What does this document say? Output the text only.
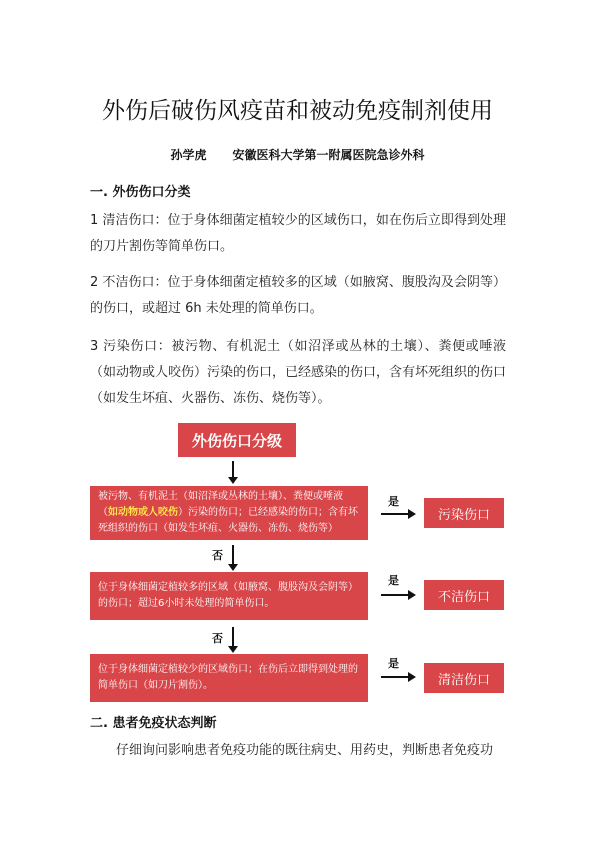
外伤后破伤风疫苗和被动免疫制剂使用
孙学虎 安徽医科大学第一附属医院急诊外科
一. 外伤伤口分类
1 清洁伤口：位于身体细菌定植较少的区域伤口，如在伤后立即得到处理的刀片割伤等简单伤口。
2 不洁伤口：位于身体细菌定植较多的区域（如腋窝、腹股沟及会阴等）的伤口，或超过 6h 未处理的简单伤口。
3 污染伤口：被污物、有机泥土（如沼泽或丛林的土壤）、粪便或唾液（如动物或人咬伤）污染的伤口，已经感染的伤口，含有坏死组织的伤口（如发生坏疽、火器伤、冻伤、烧伤等）。
外伤伤口分级
被污物、有机泥土（如沼泽或丛林的土壤）、粪便或唾液（如动物或人咬伤）污染的伤口；已经感染的伤口；含有坏死组织的伤口（如发生坏疽、火器伤、冻伤、烧伤等）
是
污染伤口
否
位于身体细菌定植较多的区域（如腋窝、腹股沟及会阴等）的伤口；超过6小时未处理的简单伤口。
是
不洁伤口
否
位于身体细菌定植较少的区域伤口；在伤后立即得到处理的简单伤口（如刀片割伤）。
是
清洁伤口
二. 患者免疫状态判断
仔细询问影响患者免疫功能的既往病史、用药史，判断患者免疫功
